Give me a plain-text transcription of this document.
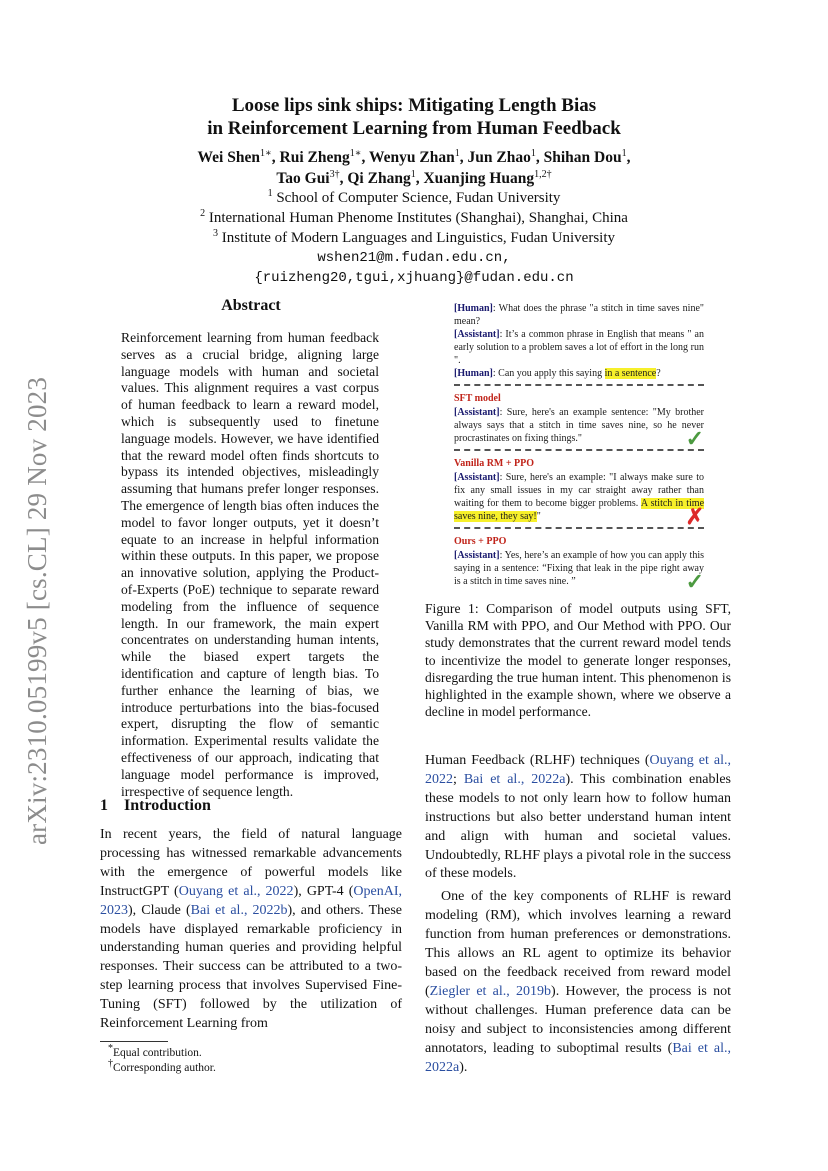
arXiv:2310.05199v5 [cs.CL] 29 Nov 2023
Loose lips sink ships: Mitigating Length Bias
in Reinforcement Learning from Human Feedback
Wei Shen$^{1∗}$, Rui Zheng$^{1∗}$, Wenyu Zhan$^1$, Jun Zhao$^1$, Shihan Dou$^1$,
Tao Gui$^{3\dagger}$, Qi Zhang$^1$, Xuanjing Huang$^{1,2\dagger}$
$^1$ School of Computer Science, Fudan University
$^2$ International Human Phenome Institutes (Shanghai), Shanghai, China
$^3$ Institute of Modern Languages and Linguistics, Fudan University
wshen21@m.fudan.edu.cn,
{ruizheng20,tgui,xjhuang}@fudan.edu.cn
Abstract
Reinforcement learning from human feedback serves as a crucial bridge, aligning large language models with human and societal values. This alignment requires a vast corpus of human feedback to learn a reward model, which is subsequently used to finetune language models. However, we have identified that the reward model often finds shortcuts to bypass its intended objectives, misleadingly assuming that humans prefer longer responses. The emergence of length bias often induces the model to favor longer outputs, yet it doesn’t equate to an increase in helpful information within these outputs. In this paper, we propose an innovative solution, applying the Product-of-Experts (PoE) technique to separate reward modeling from the influence of sequence length. In our framework, the main expert concentrates on understanding human intents, while the biased expert targets the identification and capture of length bias. To further enhance the learning of bias, we introduce perturbations into the bias-focused expert, disrupting the flow of semantic information. Experimental results validate the effectiveness of our approach, indicating that language model performance is improved, irrespective of sequence length.
1 Introduction
In recent years, the field of natural language processing has witnessed remarkable advancements with the emergence of powerful models like InstructGPT (Ouyang et al., 2022), GPT-4 (OpenAI, 2023), Claude (Bai et al., 2022b), and others. These models have displayed remarkable proficiency in understanding human queries and providing helpful responses. Their success can be attributed to a two-step learning process that involves Supervised Fine-Tuning (SFT) followed by the utilization of Reinforcement Learning from
*Equal contribution.
†Corresponding author.

[Human]: What does the phrase "a stitch in time saves nine" mean?

[Assistant]: It’s a common phrase in English that means " an early solution to a problem saves a lot of effort in the long run ".

[Human]: Can you apply this saying in a sentence?

SFT model

[Assistant]: Sure, here's an example sentence: "My brother always says that a stitch in time saves nine, so he never procrastinates on fixing things."	✓
Vanilla RM + PPO

[Assistant]: Sure, here's an example: "I always make sure to fix any small issues in my car straight away rather than waiting for them to become bigger problems. A stitch in time saves nine, they say!"	✗
Ours + PPO

[Assistant]: Yes, here’s an example of how you can apply this saying in a sentence: “Fixing that leak in the pipe right away is a stitch in time saves nine. ”	✓
Figure 1: Comparison of model outputs using SFT, Vanilla RM with PPO, and Our Method with PPO. Our study demonstrates that the current reward model tends to incentivize the model to generate longer responses, disregarding the true human intent. This phenomenon is highlighted in the example shown, where we observe a decline in model performance.

Human Feedback (RLHF) techniques (Ouyang et al., 2022; Bai et al., 2022a). This combination enables these models to not only learn how to follow human instructions but also better understand human intent and align with human and societal values. Undoubtedly, RLHF plays a pivotal role in the success of these models.

One of the key components of RLHF is reward modeling (RM), which involves learning a reward function from human preferences or demonstrations. This allows an RL agent to optimize its behavior based on the feedback received from reward model (Ziegler et al., 2019b). However, the process is not without challenges. Human preference data can be noisy and subject to inconsistencies among different annotators, leading to suboptimal results (Bai et al., 2022a).
